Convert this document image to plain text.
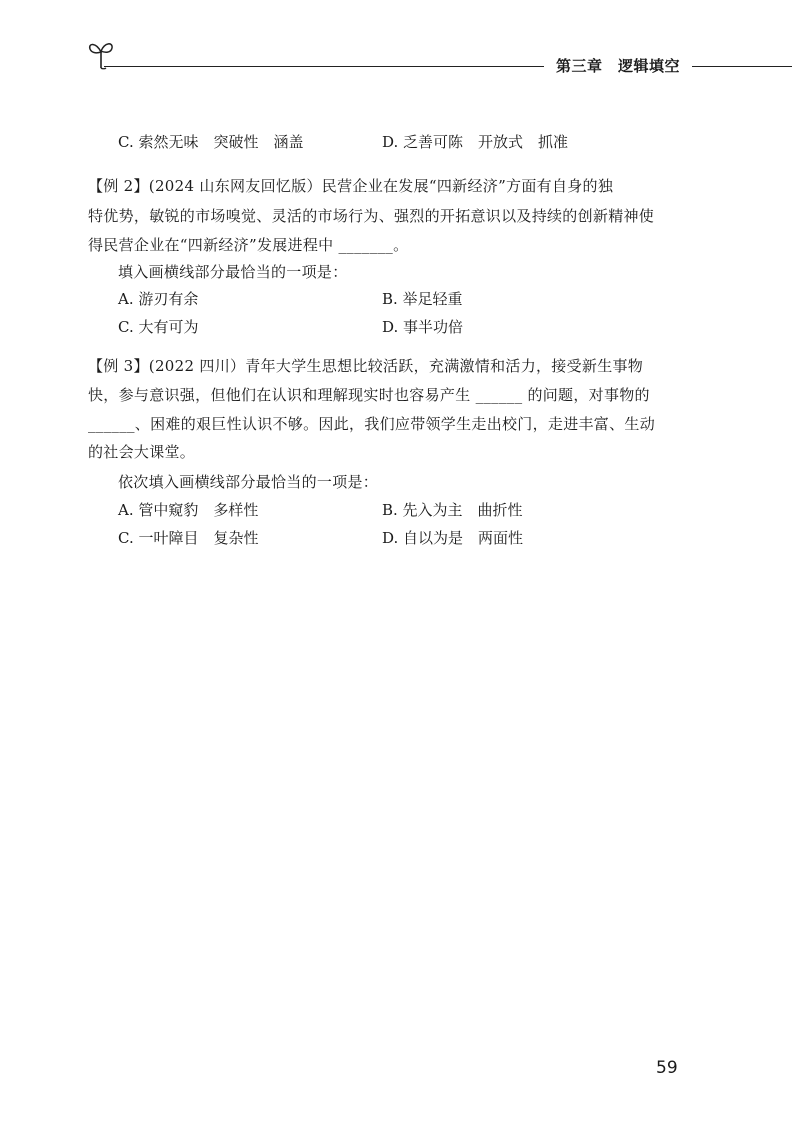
第三章　逻辑填空
C. 索然无味　突破性　涵盖	D. 乏善可陈　开放式　抓准
【例 2】(2024 山东网友回忆版）民营企业在发展“四新经济”方面有自身的独
特优势，敏锐的市场嗅觉、灵活的市场行为、强烈的开拓意识以及持续的创新精神使
得民营企业在“四新经济”发展进程中 _______。
填入画横线部分最恰当的一项是：
A. 游刃有余	B. 举足轻重
C. 大有可为	D. 事半功倍
【例 3】(2022 四川）青年大学生思想比较活跃，充满激情和活力，接受新生事物
快，参与意识强，但他们在认识和理解现实时也容易产生 ______ 的问题，对事物的
______、困难的艰巨性认识不够。因此，我们应带领学生走出校门，走进丰富、生动
的社会大课堂。
依次填入画横线部分最恰当的一项是：
A. 管中窥豹　多样性	B. 先入为主　曲折性
C. 一叶障目　复杂性	D. 自以为是　两面性
59
